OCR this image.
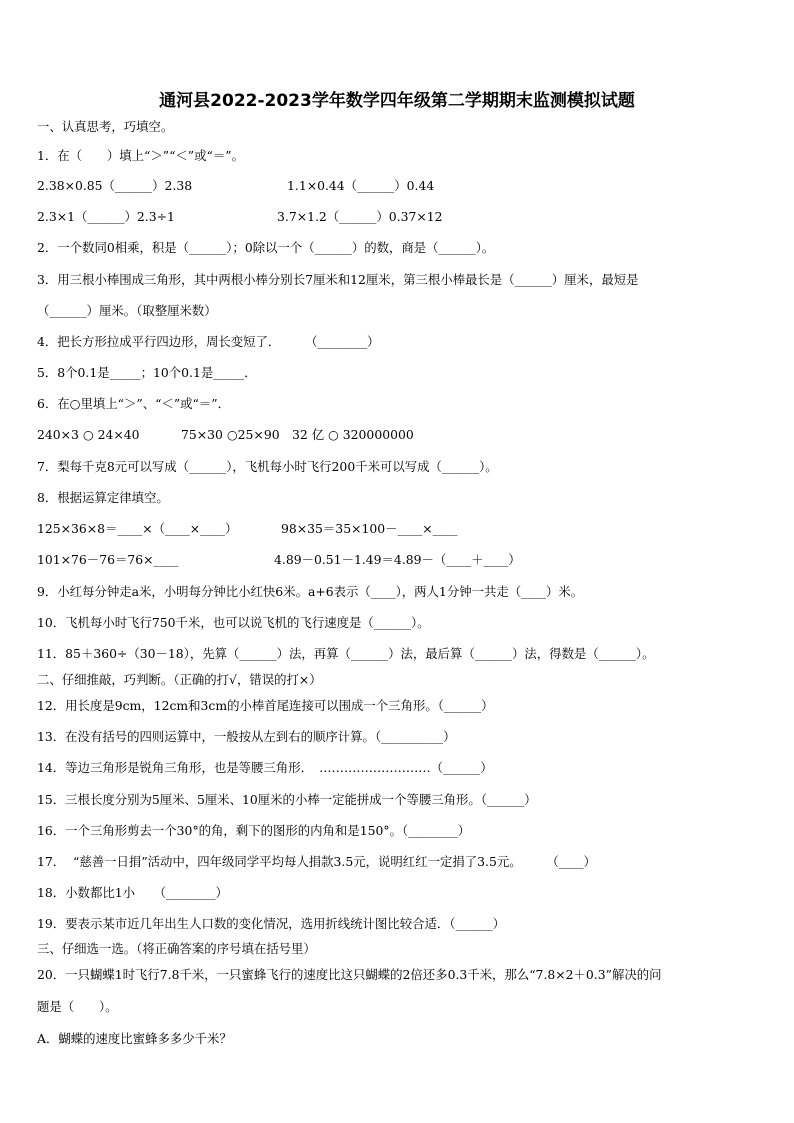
通河县2022-2023学年数学四年级第二学期期末监测模拟试题
一、认真思考，巧填空。
1．在（　　）填上“＞”“＜”或“＝”。
2.38×0.85（______）2.38	1.1×0.44（______）0.44
2.3×1（______）2.3÷1	3.7×1.2（______）0.37×12
2．一个数同0相乘，积是（______）；0除以一个（______）的数，商是（______）。
3．用三根小棒围成三角形，其中两根小棒分别长7厘米和12厘米，第三根小棒最长是（______）厘米，最短是
（______）厘米。（取整厘米数）
4．把长方形拉成平行四边形，周长变短了．　　　（________）
5．8个0.1是_____；10个0.1是_____．
6．在○里填上“＞”、“＜”或“＝”．
240×3 ○ 24×40	75×30 ○25×90 32 亿 ○ 320000000
7．梨每千克8元可以写成（______），飞机每小时飞行200千米可以写成（______）。
8．根据运算定律填空。
125×36×8＝____×（____×____）	98×35＝35×100－____×____
101×76－76＝76×____	4.89－0.51－1.49＝4.89－（____＋____）
9．小红每分钟走a米，小明每分钟比小红快6米。a+6表示（____），两人1分钟一共走（____）米。
10．飞机每小时飞行750千米，也可以说飞机的飞行速度是（______）。
11．85＋360÷（30－18），先算（______）法，再算（______）法，最后算（______）法，得数是（______）。
二、仔细推敲，巧判断。（正确的打√，错误的打×）
12．用长度是9cm，12cm和3cm的小棒首尾连接可以围成一个三角形。（______）
13．在没有括号的四则运算中，一般按从左到右的顺序计算。（__________）
14．等边三角形是锐角三角形，也是等腰三角形．　………………………（______）
15．三根长度分别为5厘米、5厘米、10厘米的小棒一定能拼成一个等腰三角形。（______）
16．一个三角形剪去一个30°的角，剩下的图形的内角和是150°。（________）
17．  “慈善一日捐”活动中，四年级同学平均每人捐款3.5元，说明红红一定捐了3.5元。　　　（____）
18．小数都比1小　　（________）
19．要表示某市近几年出生人口数的变化情况，选用折线统计图比较合适．（______）
三、仔细选一选。（将正确答案的序号填在括号里）
20．一只蝴蝶1时飞行7.8千米，一只蜜蜂飞行的速度比这只蝴蝶的2倍还多0.3千米，那么“7.8×2＋0.3”解决的问
题是（　　）。
A．蝴蝶的速度比蜜蜂多多少千米？
